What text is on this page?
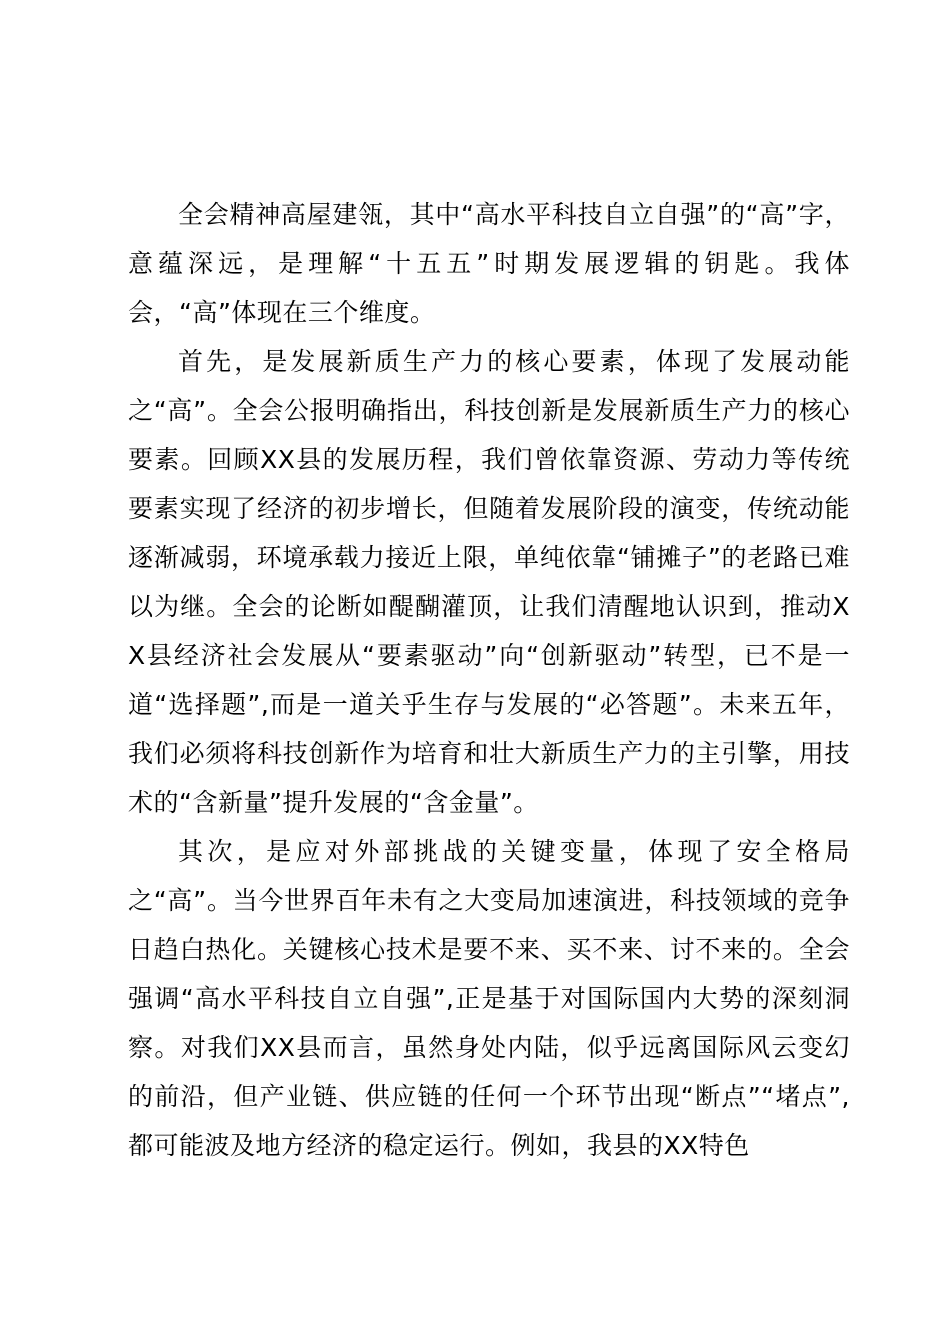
全会精神高屋建瓴，其中“高水平科技自立自强”的“高”字，意蕴深远，是理解“十五五”时期发展逻辑的钥匙。我体会，“高”体现在三个维度。

首先，是发展新质生产力的核心要素，体现了发展动能之“高”。全会公报明确指出，科技创新是发展新质生产力的核心要素。回顾XX县的发展历程，我们曾依靠资源、劳动力等传统要素实现了经济的初步增长，但随着发展阶段的演变，传统动能逐渐减弱，环境承载力接近上限，单纯依靠“铺摊子”的老路已难以为继。全会的论断如醍醐灌顶，让我们清醒地认识到，推动XX县经济社会发展从“要素驱动”向“创新驱动”转型，已不是一道“选择题”,而是一道关乎生存与发展的“必答题”。未来五年，我们必须将科技创新作为培育和壮大新质生产力的主引擎，用技术的“含新量”提升发展的“含金量”。

其次，是应对外部挑战的关键变量，体现了安全格局之“高”。当今世界百年未有之大变局加速演进，科技领域的竞争日趋白热化。关键核心技术是要不来、买不来、讨不来的。全会强调“高水平科技自立自强”,正是基于对国际国内大势的深刻洞察。对我们XX县而言，虽然身处内陆，似乎远离国际风云变幻的前沿，但产业链、供应链的任何一个环节出现“断点”“堵点”,都可能波及地方经济的稳定运行。例如，我县的XX特色
